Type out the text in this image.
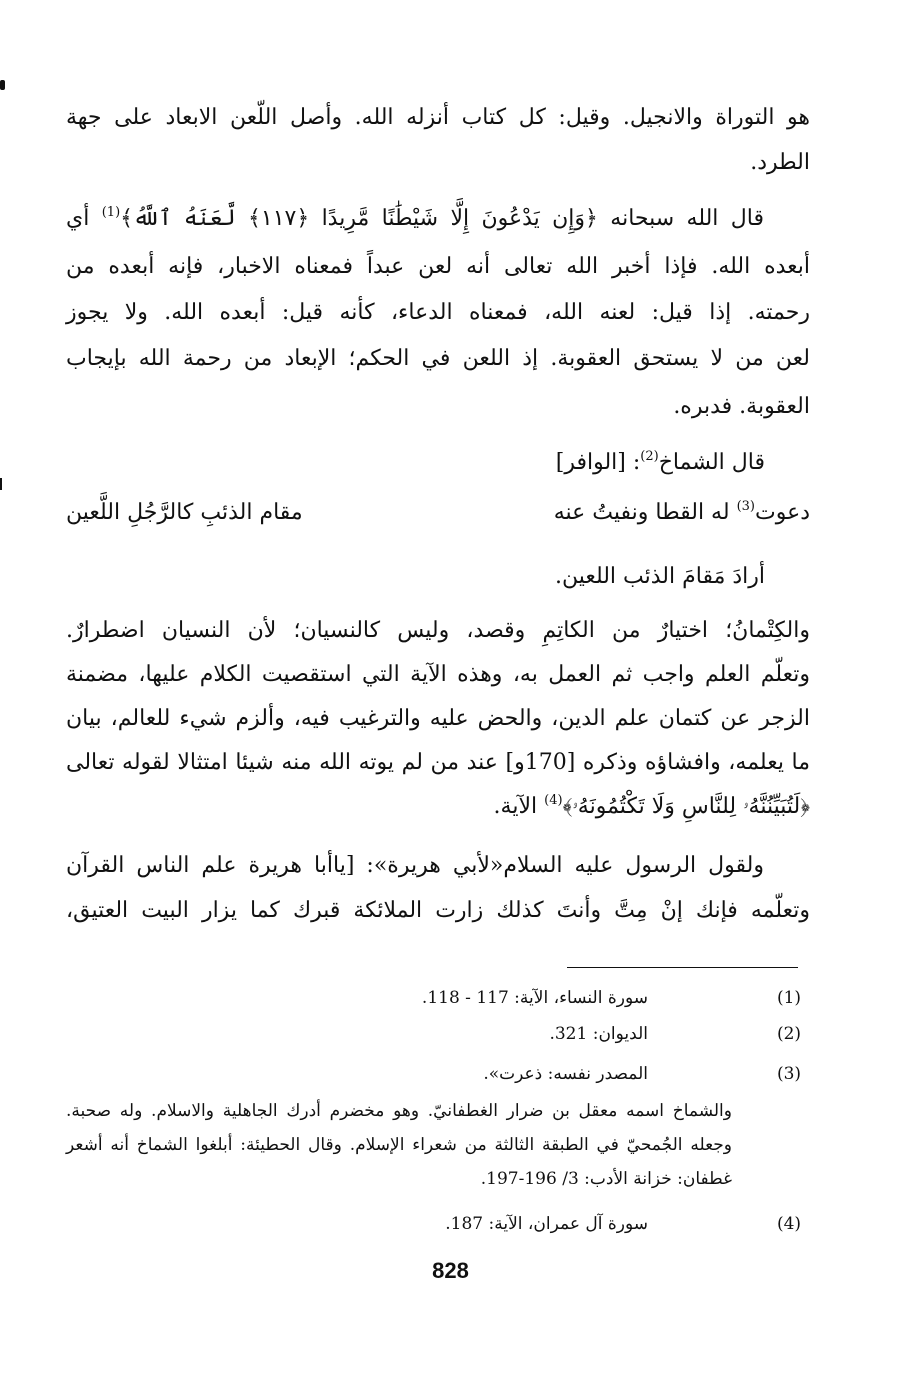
هو التوراة والانجيل. وقيل: كل كتاب أنزله الله. وأصل اللّعن الابعاد على جهة
الطرد.
قال الله سبحانه ﴿وَإِن يَدْعُونَ إِلَّا شَيْطَٰنًا مَّرِيدًا ﴿١١٧﴾ لَّعَنَهُ ٱللَّهُ﴾$^{(1)}$ أي
أبعده الله. فإذا أخبر الله تعالى أنه لعن عبداً فمعناه الاخبار، فإنه أبعده من
رحمته. إذا قيل: لعنه الله، فمعناه الدعاء، كأنه قيل: أبعده الله. ولا يجوز
لعن من لا يستحق العقوبة. إذ اللعن في الحكم؛ الإبعاد من رحمة الله بإيجاب
العقوبة. فدبره.
قال الشماخ$^{(2)}$: [الوافر]
دعوت$^{(3)}$ له القطا ونفيتُ عنه
مقام الذئبِ كالرَّجُلِ اللَّعين
أرادَ مَقامَ الذئب اللعين.
والكِتْمانُ؛ اختيارٌ من الكاتِمِ وقصد، وليس كالنسيان؛ لأن النسيان اضطرارٌ.
وتعلّم العلم واجب ثم العمل به، وهذه الآية التي استقصيت الكلام عليها، مضمنة
الزجر عن كتمان علم الدين، والحض عليه والترغيب فيه، وألزم شيء للعالم، بيان
ما يعلمه، وافشاؤه وذكره [170و] عند من لم يوته الله منه شيئا امتثالا لقوله تعالى
﴿لَتُبَيِّنُنَّهُۥ لِلنَّاسِ وَلَا تَكْتُمُونَهُۥ﴾$^{(4)}$ الآية.
ولقول الرسول عليه السلام«لأبي هريرة»: [ياأبا هريرة علم الناس القرآن
وتعلّمه فإنك إنْ مِتَّ وأنتَ كذلك زارت الملائكة قبرك كما يزار البيت العتيق،
(1)
سورة النساء، الآية: 117 - 118.
(2)
الديوان: 321.
(3)
المصدر نفسه: ذعرت».
والشماخ اسمه معقل بن ضرار الغطفانيّ. وهو مخضرم أدرك الجاهلية والاسلام. وله صحبة.
وجعله الجُمحيّ في الطبقة الثالثة من شعراء الإسلام. وقال الحطيئة: أبلغوا الشماخ أنه أشعر
غطفان: خزانة الأدب: 3/ 196-197.
(4)
سورة آل عمران، الآية: 187.
828
